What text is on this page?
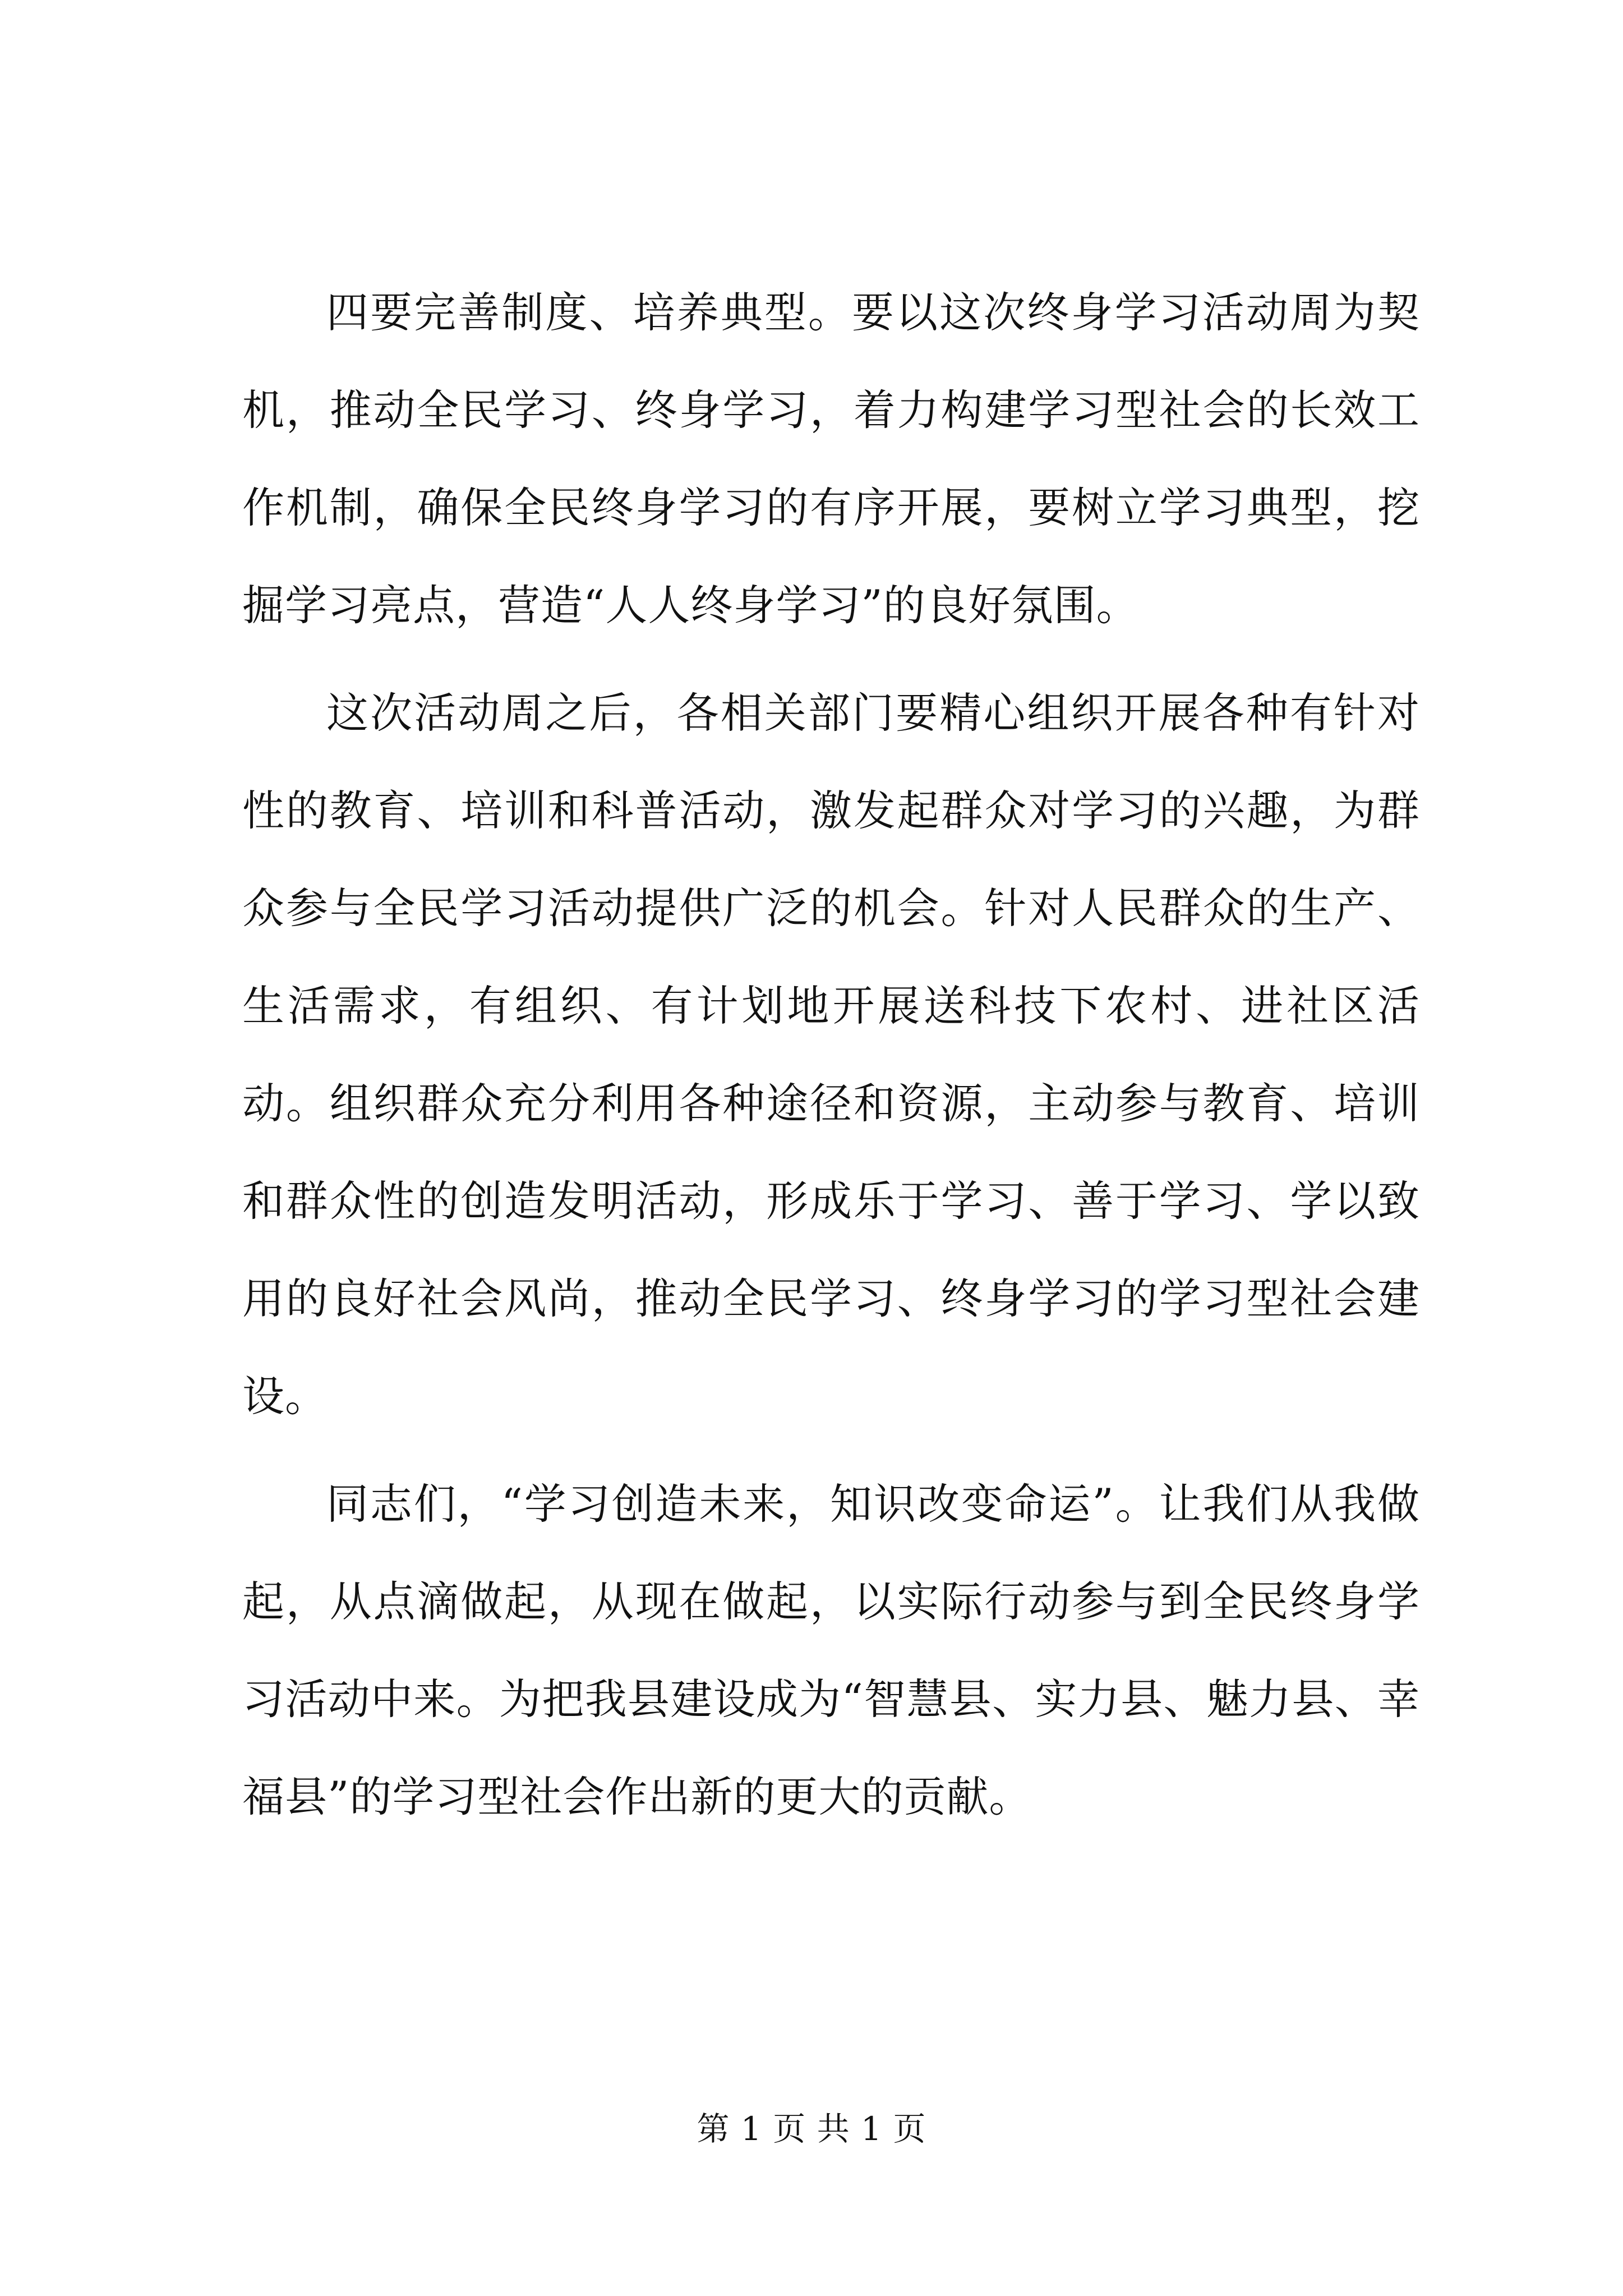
四要完善制度、培养典型。要以这次终身学习活动周为契机，推动全民学习、终身学习，着力构建学习型社会的长效工作机制，确保全民终身学习的有序开展，要树立学习典型，挖掘学习亮点，营造“人人终身学习”的良好氛围。

这次活动周之后，各相关部门要精心组织开展各种有针对性的教育、培训和科普活动，激发起群众对学习的兴趣，为群众参与全民学习活动提供广泛的机会。针对人民群众的生产、生活需求，有组织、有计划地开展送科技下农村、进社区活动。组织群众充分利用各种途径和资源，主动参与教育、培训和群众性的创造发明活动，形成乐于学习、善于学习、学以致用的良好社会风尚，推动全民学习、终身学习的学习型社会建设。

同志们，“学习创造未来，知识改变命运”。让我们从我做起，从点滴做起，从现在做起，以实际行动参与到全民终身学习活动中来。为把我县建设成为“智慧县、实力县、魅力县、幸福县”的学习型社会作出新的更大的贡献。

第 1 页 共 1 页
